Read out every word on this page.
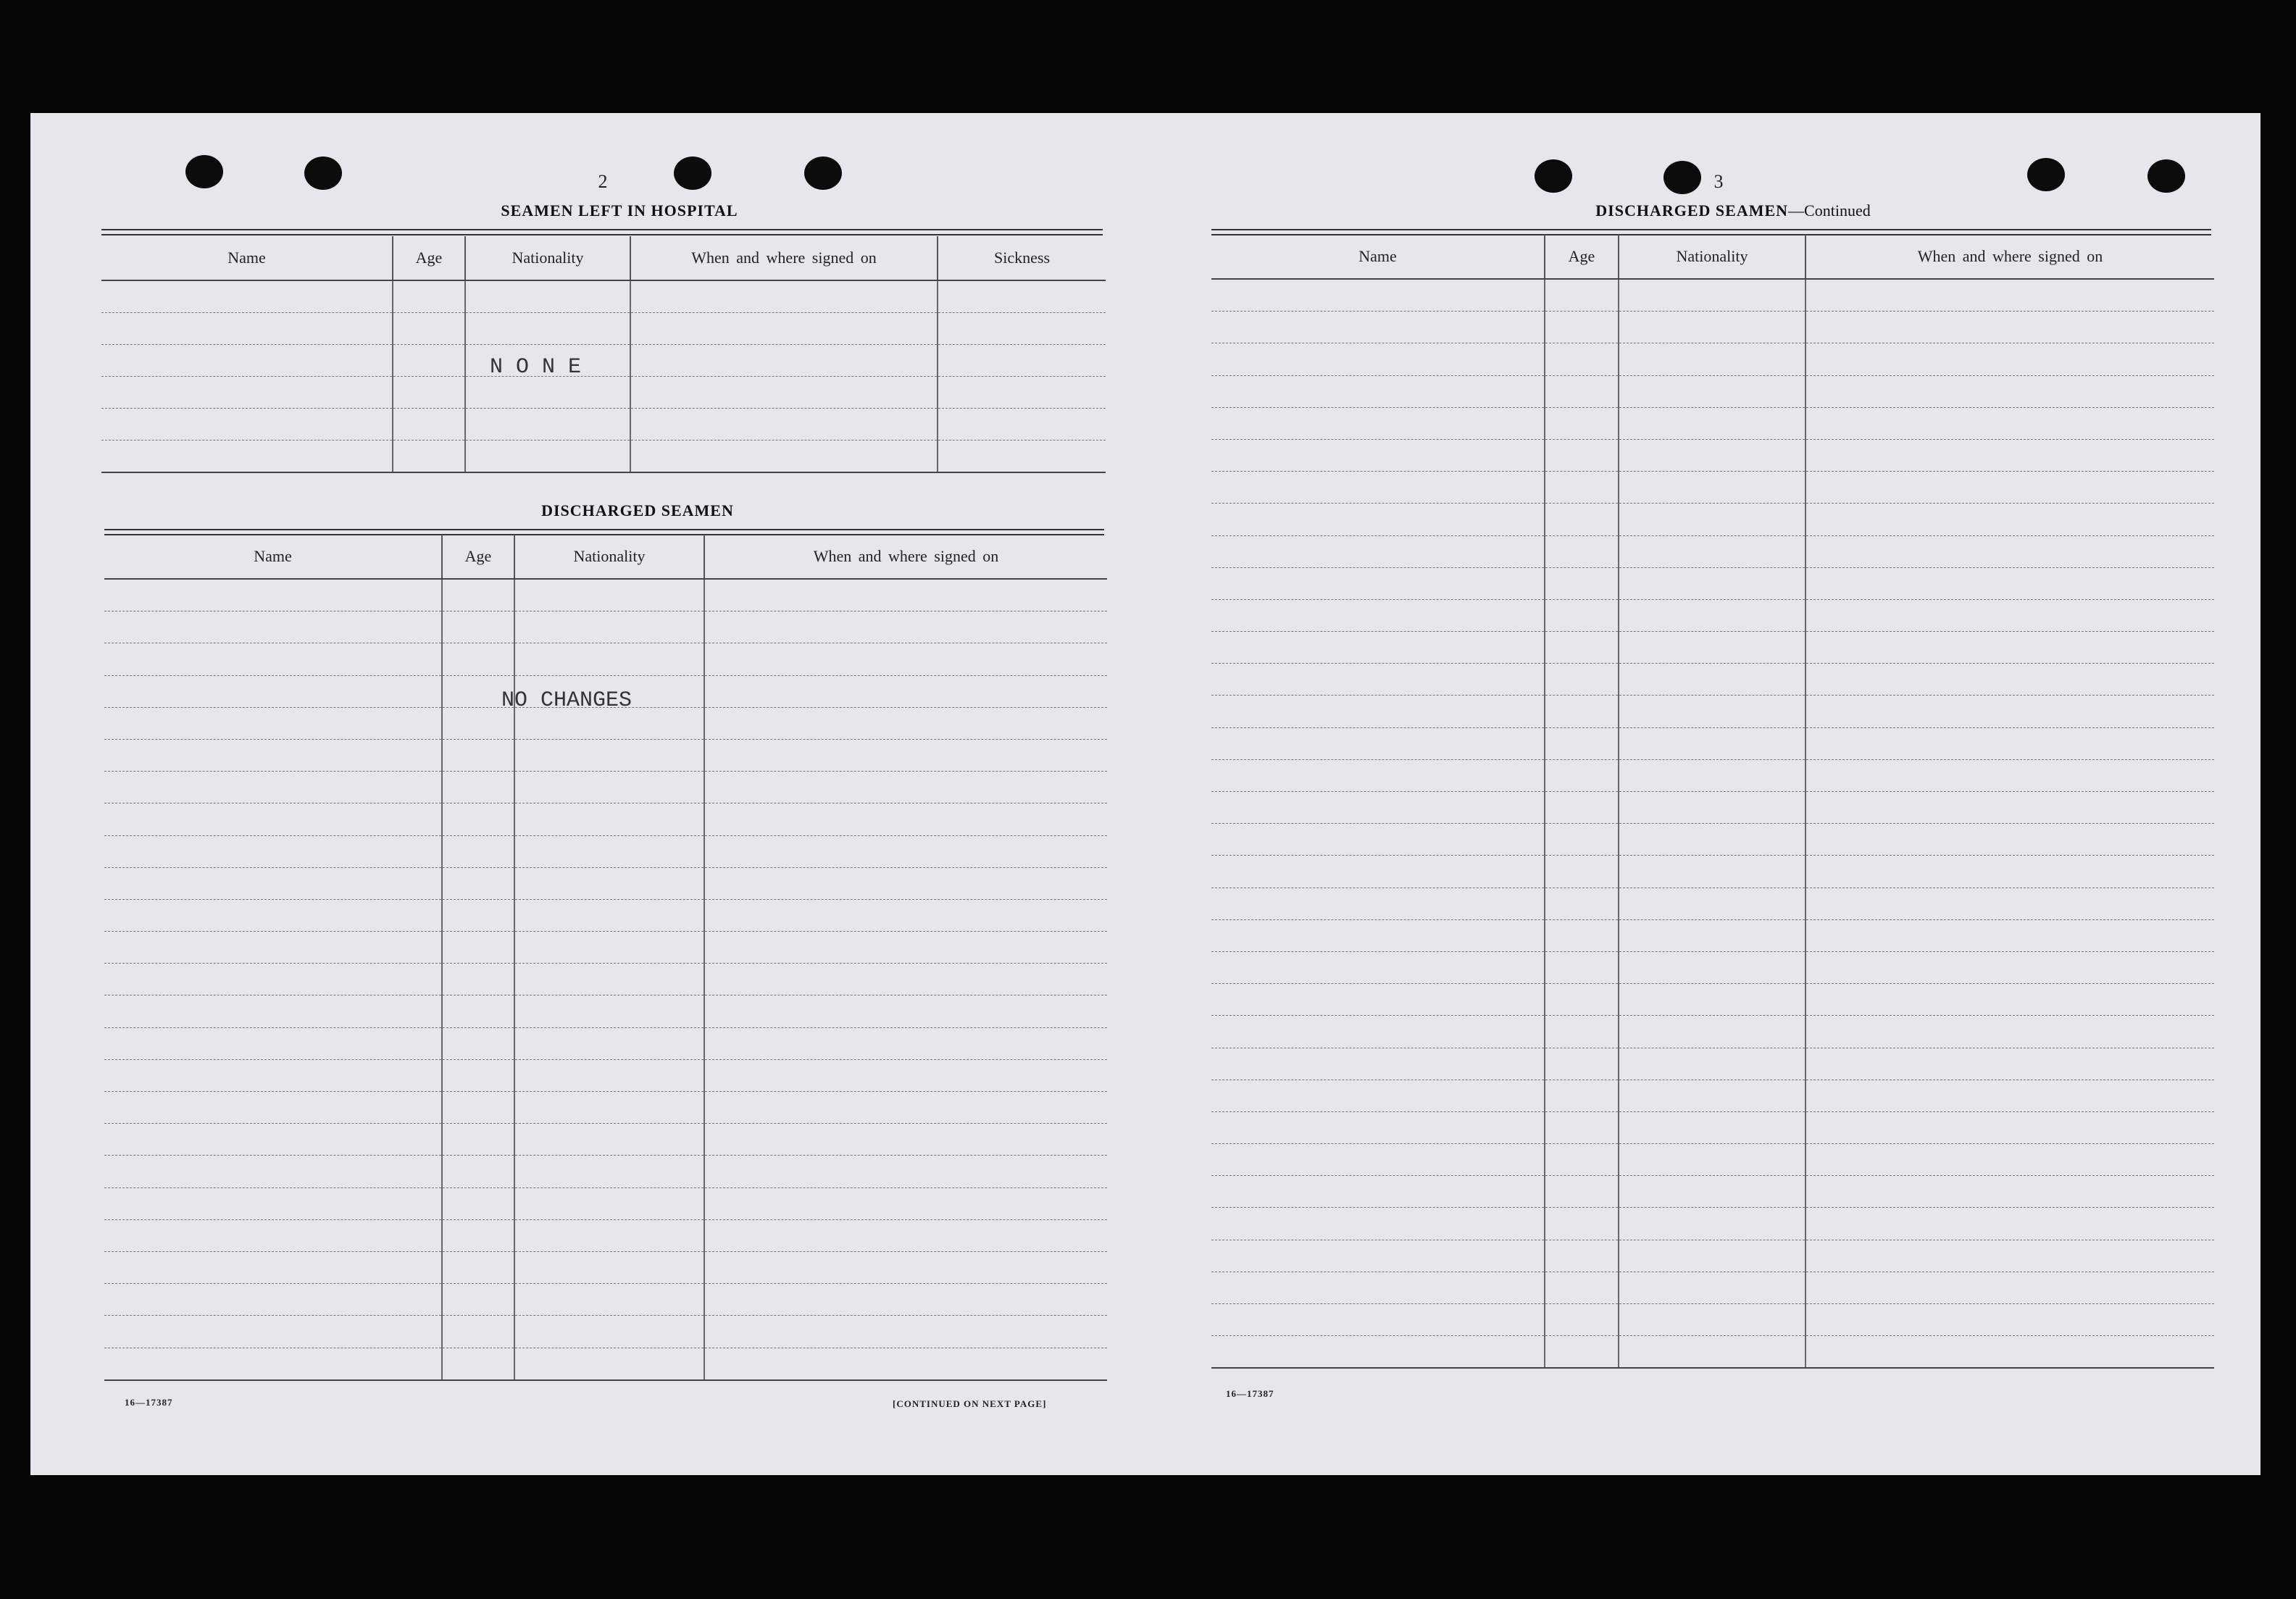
2
SEAMEN LEFT IN HOSPITAL
Name	Age	Nationality	When and where signed on	Sickness

N O N E
DISCHARGED SEAMEN
Name	Age	Nationality	When and where signed on

NO CHANGES
16—17387	[CONTINUED ON NEXT PAGE]
3
DISCHARGED SEAMEN—Continued
Name	Age	Nationality	When and where signed on

16—17387
